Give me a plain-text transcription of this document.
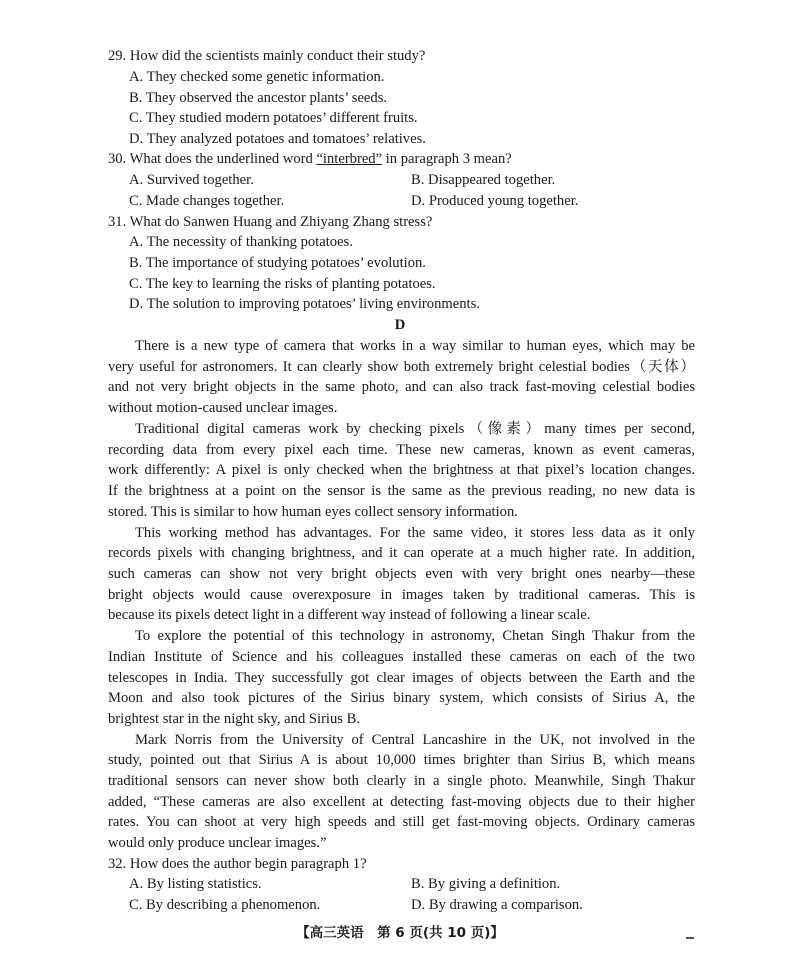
29. How did the scientists mainly conduct their study?
A. They checked some genetic information.
B. They observed the ancestor plants’ seeds.
C. They studied modern potatoes’ different fruits.
D. They analyzed potatoes and tomatoes’ relatives.
30. What does the underlined word “interbred” in paragraph 3 mean?
A. Survived together.	B. Disappeared together.
C. Made changes together.	D. Produced young together.
31. What do Sanwen Huang and Zhiyang Zhang stress?
A. The necessity of thanking potatoes.
B. The importance of studying potatoes’ evolution.
C. The key to learning the risks of planting potatoes.
D. The solution to improving potatoes’ living environments.
D
There is a new type of camera that works in a way similar to human eyes, which may be
very useful for astronomers. It can clearly show both extremely bright celestial bodies（天体）
and not very bright objects in the same photo, and can also track fast-moving celestial bodies
without motion-caused unclear images.
Traditional digital cameras work by checking pixels（像素）many times per second,
recording data from every pixel each time. These new cameras, known as event cameras,
work differently: A pixel is only checked when the brightness at that pixel’s location changes.
If the brightness at a point on the sensor is the same as the previous reading, no new data is
stored. This is similar to how human eyes collect sensory information.
This working method has advantages. For the same video, it stores less data as it only
records pixels with changing brightness, and it can operate at a much higher rate. In addition,
such cameras can show not very bright objects even with very bright ones nearby—these
bright objects would cause overexposure in images taken by traditional cameras. This is
because its pixels detect light in a different way instead of following a linear scale.
To explore the potential of this technology in astronomy, Chetan Singh Thakur from the
Indian Institute of Science and his colleagues installed these cameras on each of the two
telescopes in India. They successfully got clear images of objects between the Earth and the
Moon and also took pictures of the Sirius binary system, which consists of Sirius A, the
brightest star in the night sky, and Sirius B.
Mark Norris from the University of Central Lancashire in the UK, not involved in the
study, pointed out that Sirius A is about 10,000 times brighter than Sirius B, which means
traditional sensors can never show both clearly in a single photo. Meanwhile, Singh Thakur
added, “These cameras are also excellent at detecting fast-moving objects due to their higher
rates. You can shoot at very high speeds and still get fast-moving objects. Ordinary cameras
would only produce unclear images.”
32. How does the author begin paragraph 1?
A. By listing statistics.	B. By giving a definition.
C. By describing a phenomenon.	D. By drawing a comparison.
【高三英语　第 6 页(共 10 页)】
